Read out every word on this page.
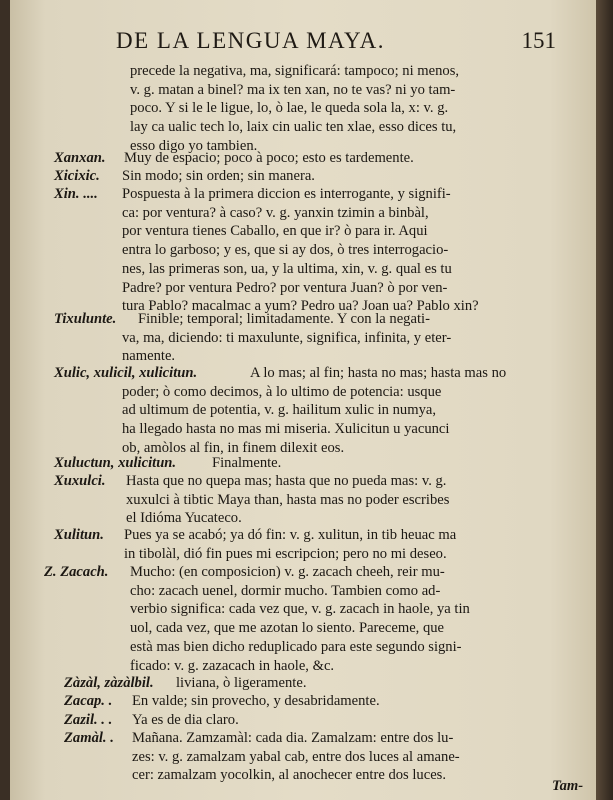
DE LA LENGUA MAYA.	151
precede la negativa, ma, significará: tampoco; ni menos,
v. g. matan a binel? ma ix ten xan, no te vas? ni yo tam-
poco. Y si le le ligue, lo, ò lae, le queda sola la, x: v. g.
lay ca ualic tech lo, laix cin ualic ten xlae, esso dices tu,
esso digo yo tambien.
Xanxan. Muy de espacio; poco à poco; esto es tardemente.
Xicixic. Sin modo; sin orden; sin manera.
Xin. .... Pospuesta à la primera diccion es interrogante, y signifi-
ca: por ventura? à caso? v. g. yanxin tzimin a binbàl,
por ventura tienes Caballo, en que ir? ò para ir. Aqui
entra lo garboso; y es, que si ay dos, ò tres interrogacio-
nes, las primeras son, ua, y la ultima, xin, v. g. qual es tu
Padre? por ventura Pedro? por ventura Juan? ò por ven-
tura Pablo? macalmac a yum? Pedro ua? Joan ua? Pablo xin?
Tixulunte. Finible; temporal; limitadamente. Y con la negati-
va, ma, diciendo: ti maxulunte, significa, infinita, y eter-
namente.
Xulic, xulicil, xulicitun.	A lo mas; al fin; hasta no mas; hasta mas no
poder; ò como decimos, à lo ultimo de potencia: usque
ad ultimum de potentia, v. g. hailitum xulic in numya,
ha llegado hasta no mas mi miseria. Xulicitun u yacunci
ob, amòlos al fin, in finem dilexit eos.
Xuluctun, xulicitun. Finalmente.
Xuxulci. Hasta que no quepa mas; hasta que no pueda mas: v. g.
xuxulci à tibtic Maya than, hasta mas no poder escribes
el Idióma Yucateco.
Xulitun. Pues ya se acabó; ya dó fin: v. g. xulitun, in tib heuac ma
in tibolàl, dió fin pues mi escripcion; pero no mi deseo.
Z. Zacach. Mucho: (en composicion) v. g. zacach cheeh, reir mu-
cho: zacach uenel, dormir mucho. Tambien como ad-
verbio significa: cada vez que, v. g. zacach in haole, ya tin
uol, cada vez, que me azotan lo siento. Pareceme, que
està mas bien dicho reduplicado para este segundo signi-
ficado: v. g. zazacach in haole, &c.
Zàzàl, zàzàlbil. liviana, ò ligeramente.
Zacap. . En valde; sin provecho, y desabridamente.
Zazil. . . Ya es de dia claro.
Zamàl. . Mañana. Zamzamàl: cada dia. Zamalzam: entre dos lu-
zes: v. g. zamalzam yabal cab, entre dos luces al amane-
cer: zamalzam yocolkin, al anochecer entre dos luces.
Tam-
